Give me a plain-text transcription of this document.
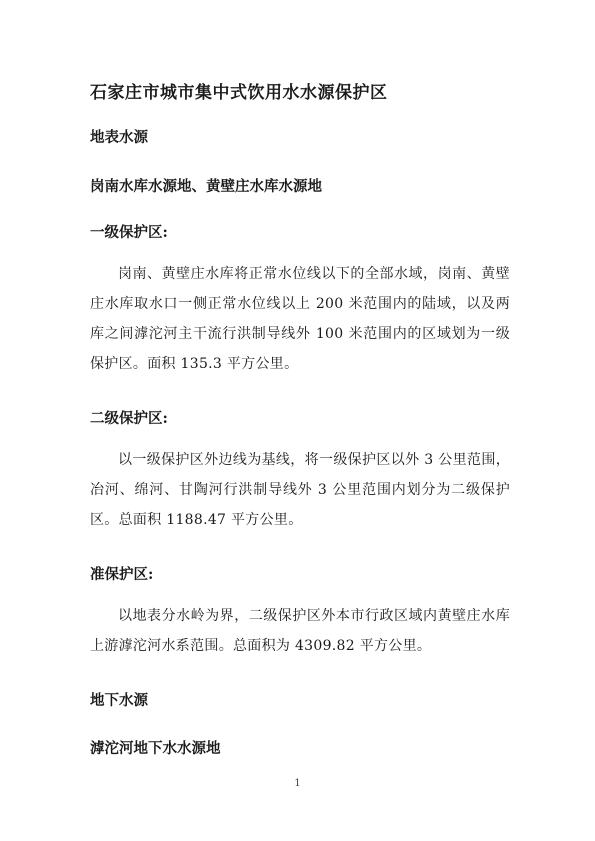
石家庄市城市集中式饮用水水源保护区
地表水源
岗南水库水源地、黄壁庄水库水源地
一级保护区:
岗南、黄壁庄水库将正常水位线以下的全部水域，岗南、黄壁庄水库取水口一侧正常水位线以上 200 米范围内的陆域，以及两库之间滹沱河主干流行洪制导线外 100 米范围内的区域划为一级保护区。面积 135.3 平方公里。
二级保护区:
以一级保护区外边线为基线，将一级保护区以外 3 公里范围，冶河、绵河、甘陶河行洪制导线外 3 公里范围内划分为二级保护区。总面积 1188.47 平方公里。
准保护区:
以地表分水岭为界，二级保护区外本市行政区域内黄壁庄水库上游滹沱河水系范围。总面积为 4309.82 平方公里。
地下水源
滹沱河地下水水源地
1
